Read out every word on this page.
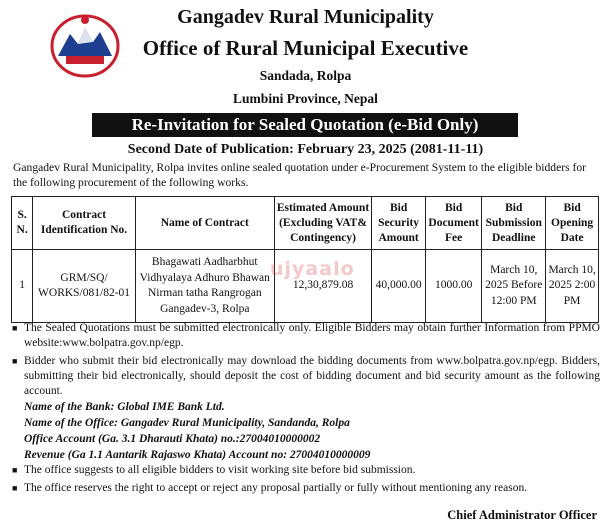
Gangadev Rural Municipality
Office of Rural Municipal Executive
Sandada, Rolpa
Lumbini Province, Nepal
Re-Invitation for Sealed Quotation (e-Bid Only)
Second Date of Publication: February 23, 2025 (2081-11-11)
Gangadev Rural Municipality, Rolpa invites online sealed quotation under e-Procurement System to the eligible bidders for the following procurement of the following works.
S. N.	Contract Identification No.	Name of Contract	Estimated Amount (Excluding VAT& Contingency)	Bid Security Amount	Bid Document Fee	Bid Submission Deadline	Bid Opening Date
1	GRM/SQ/ WORKS/081/82-01	Bhagawati Aadharbhut Vidhyalaya Adhuro Bhawan Nirman tatha Rangrogan Gangadev-3, Rolpa	12,30,879.08	40,000.00	1000.00	March 10, 2025 Before 12:00 PM	March 10, 2025 2:00 PM
ujyaalo
■ The Sealed Quotations must be submitted electronically only. Eligible Bidders may obtain further Information from PPMO website:www.bolpatra.gov.np/egp.
■ Bidder who submit their bid electronically may download the bidding documents from www.bolpatra.gov.np/egp. Bidders, submitting their bid electronically, should deposit the cost of bidding document and bid security amount as the following account.
Name of the Bank: Global IME Bank Ltd.
Name of the Office: Gangadev Rural Municipality, Sandanda, Rolpa
Office Account (Ga. 3.1 Dharauti Khata) no.:27004010000002
Revenue (Ga 1.1 Aantarik Rajaswo Khata) Account no: 27004010000009
■ The office suggests to all eligible bidders to visit working site before bid submission.
■ The office reserves the right to accept or reject any proposal partially or fully without mentioning any reason.
Chief Administrator Officer
